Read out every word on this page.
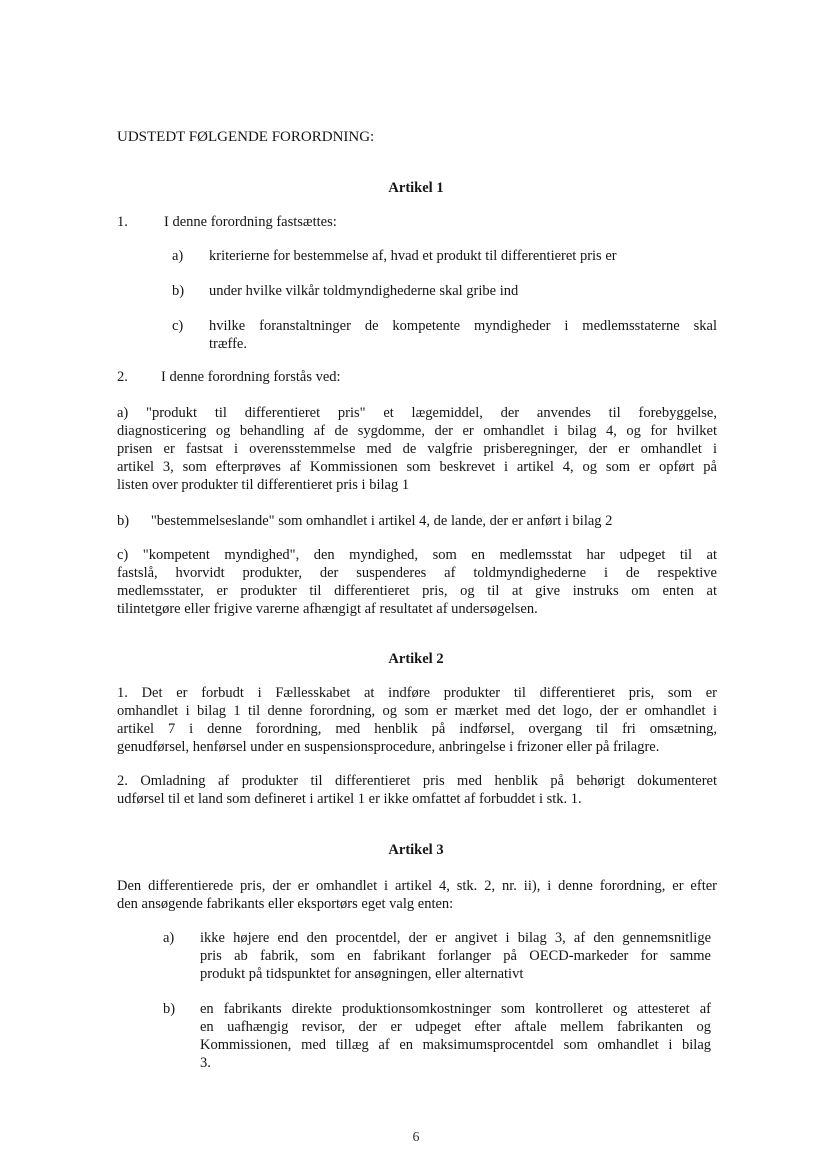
UDSTEDT FØLGENDE FORORDNING:
Artikel 1
1. I denne forordning fastsættes:
a) kriterierne for bestemmelse af, hvad et produkt til differentieret pris er
b) under hvilke vilkår toldmyndighederne skal gribe ind
c) hvilke foranstaltninger de kompetente myndigheder i medlemsstaterne skal
træffe.
2. I denne forordning forstås ved:
a) "produkt til differentieret pris" et lægemiddel, der anvendes til forebyggelse,
diagnosticering og behandling af de sygdomme, der er omhandlet i bilag 4, og for hvilket
prisen er fastsat i overensstemmelse med de valgfrie prisberegninger, der er omhandlet i
artikel 3, som efterprøves af Kommissionen som beskrevet i artikel 4, og som er opført på
listen over produkter til differentieret pris i bilag 1
b)      "bestemmelseslande" som omhandlet i artikel 4, de lande, der er anført i bilag 2
c) "kompetent myndighed", den myndighed, som en medlemsstat har udpeget til at
fastslå, hvorvidt produkter, der suspenderes af toldmyndighederne i de respektive
medlemsstater, er produkter til differentieret pris, og til at give instruks om enten at
tilintetgøre eller frigive varerne afhængigt af resultatet af undersøgelsen.
Artikel 2
1. Det er forbudt i Fællesskabet at indføre produkter til differentieret pris, som er
omhandlet i bilag 1 til denne forordning, og som er mærket med det logo, der er omhandlet i
artikel 7 i denne forordning, med henblik på indførsel, overgang til fri omsætning,
genudførsel, henførsel under en suspensionsprocedure, anbringelse i frizoner eller på frilagre.
2. Omladning af produkter til differentieret pris med henblik på behørigt dokumenteret
udførsel til et land som defineret i artikel 1 er ikke omfattet af forbuddet i stk. 1.
Artikel 3
Den differentierede pris, der er omhandlet i artikel 4, stk. 2, nr. ii), i denne forordning, er efter
den ansøgende fabrikants eller eksportørs eget valg enten:
a) ikke højere end den procentdel, der er angivet i bilag 3, af den gennemsnitlige
pris ab fabrik, som en fabrikant forlanger på OECD-markeder for samme
produkt på tidspunktet for ansøgningen, eller alternativt
b) en fabrikants direkte produktionsomkostninger som kontrolleret og attesteret af
en uafhængig revisor, der er udpeget efter aftale mellem fabrikanten og
Kommissionen, med tillæg af en maksimumsprocentdel som omhandlet i bilag
3.
6
